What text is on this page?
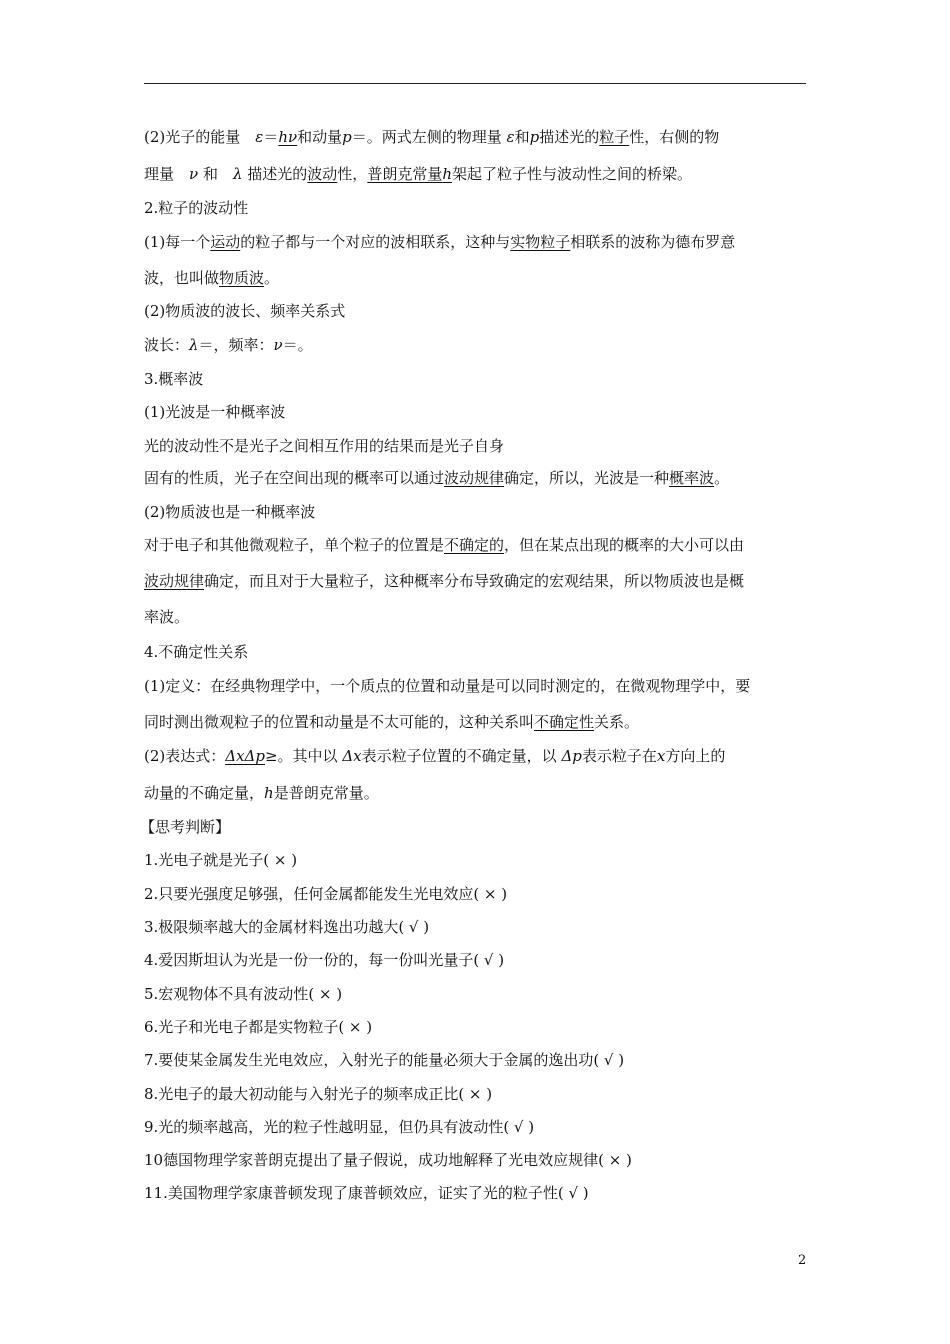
(2)光子的能量　ε＝hν和动量p＝。两式左侧的物理量 ε和p描述光的粒子性，右侧的物
理量　 ν 和　 λ 描述光的波动性，普朗克常量h架起了粒子性与波动性之间的桥梁。
2.粒子的波动性
(1)每一个运动的粒子都与一个对应的波相联系，这种与实物粒子相联系的波称为德布罗意
波，也叫做物质波。
(2)物质波的波长、频率关系式
波长：λ＝，频率：ν＝。
3.概率波
(1)光波是一种概率波
光的波动性不是光子之间相互作用的结果而是光子自身
固有的性质，光子在空间出现的概率可以通过波动规律确定，所以，光波是一种概率波。
(2)物质波也是一种概率波
对于电子和其他微观粒子，单个粒子的位置是不确定的，但在某点出现的概率的大小可以由
波动规律确定，而且对于大量粒子，这种概率分布导致确定的宏观结果，所以物质波也是概
率波。
4.不确定性关系
(1)定义：在经典物理学中，一个质点的位置和动量是可以同时测定的，在微观物理学中，要
同时测出微观粒子的位置和动量是不太可能的，这种关系叫不确定性关系。
(2)表达式：ΔxΔp≥。其中以 Δx表示粒子位置的不确定量，以 Δp表示粒子在x方向上的
动量的不确定量，h是普朗克常量。
【思考判断】
1.光电子就是光子( × )
2.只要光强度足够强，任何金属都能发生光电效应( × )
3.极限频率越大的金属材料逸出功越大( √ )
4.爱因斯坦认为光是一份一份的，每一份叫光量子( √ )
5.宏观物体不具有波动性( × )
6.光子和光电子都是实物粒子( × )
7.要使某金属发生光电效应，入射光子的能量必须大于金属的逸出功( √ )
8.光电子的最大初动能与入射光子的频率成正比( × )
9.光的频率越高，光的粒子性越明显，但仍具有波动性( √ )
10德国物理学家普朗克提出了量子假说，成功地解释了光电效应规律( × )
11.美国物理学家康普顿发现了康普顿效应，证实了光的粒子性( √ )
2
